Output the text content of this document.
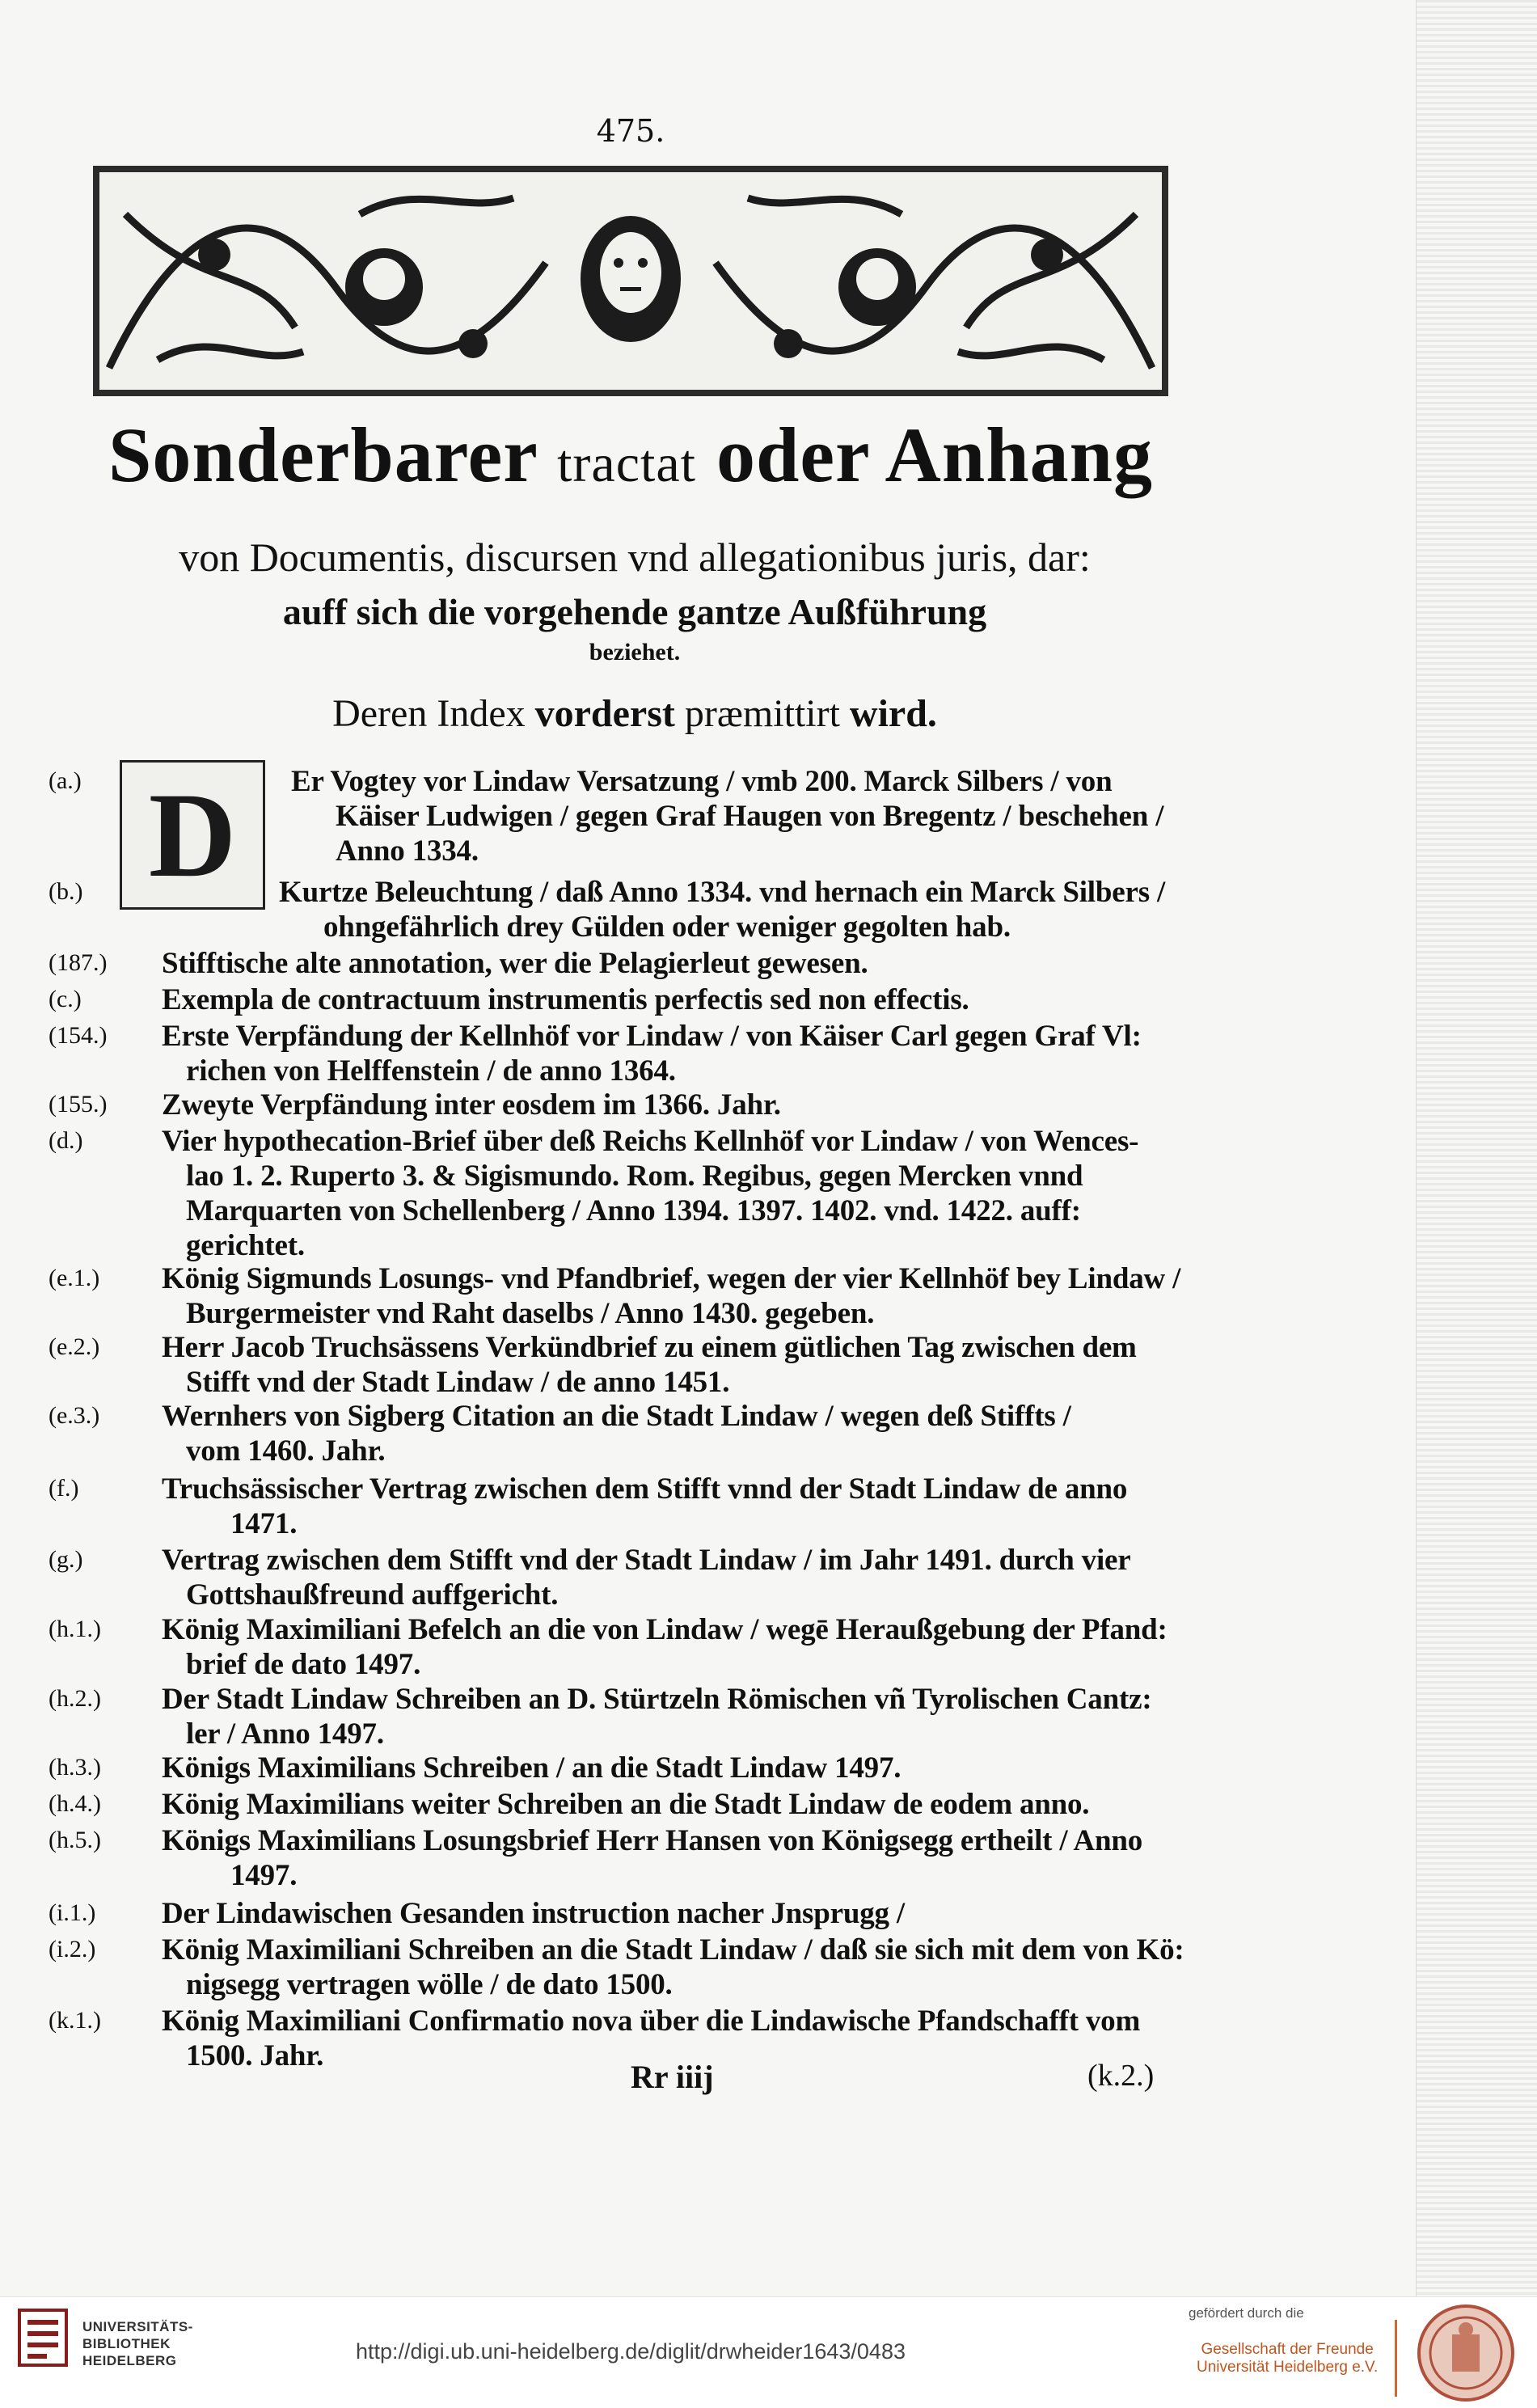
475.
Sonderbarer tractat oder Anhang
von Documentis, discursen vnd allegationibus juris, dar:
auff sich die vorgehende gantze Außführung
beziehet.
Deren Index vorderst præmittirt wird.
D
(a.)	Er Vogtey vor Lindaw Versatzung / vmb 200. Marck Silbers / von
Käiser Ludwigen / gegen Graf Haugen von Bregentz / beschehen /
Anno 1334.
(b.)	Kurtze Beleuchtung / daß Anno 1334. vnd hernach ein Marck Silbers /
ohngefährlich drey Gülden oder weniger gegolten hab.
(187.)	Stifftische alte annotation, wer die Pelagierleut gewesen.
(c.)	Exempla de contractuum instrumentis perfectis sed non effectis.
(154.)	Erste Verpfändung der Kellnhöf vor Lindaw / von Käiser Carl gegen Graf Vl:
richen von Helffenstein / de anno 1364.
(155.)	Zweyte Verpfändung inter eosdem im 1366. Jahr.
(d.)	Vier hypothecation-Brief über deß Reichs Kellnhöf vor Lindaw / von Wences-
lao 1. 2. Ruperto 3. & Sigismundo. Rom. Regibus, gegen Mercken vnnd
Marquarten von Schellenberg / Anno 1394. 1397. 1402. vnd. 1422. auff:
gerichtet.
(e.1.)	König Sigmunds Losungs- vnd Pfandbrief, wegen der vier Kellnhöf bey Lindaw /
Burgermeister vnd Raht daselbs / Anno 1430. gegeben.
(e.2.)	Herr Jacob Truchsässens Verkündbrief zu einem gütlichen Tag zwischen dem
Stifft vnd der Stadt Lindaw / de anno 1451.
(e.3.)	Wernhers von Sigberg Citation an die Stadt Lindaw / wegen deß Stiffts /
vom 1460. Jahr.
(f.)	Truchsässischer Vertrag zwischen dem Stifft vnnd der Stadt Lindaw de anno
1471.
(g.)	Vertrag zwischen dem Stifft vnd der Stadt Lindaw / im Jahr 1491. durch vier
Gottshaußfreund auffgericht.
(h.1.)	König Maximiliani Befelch an die von Lindaw / wegē Heraußgebung der Pfand:
brief de dato 1497.
(h.2.)	Der Stadt Lindaw Schreiben an D. Stürtzeln Römischen vñ Tyrolischen Cantz:
ler / Anno 1497.
(h.3.)	Königs Maximilians Schreiben / an die Stadt Lindaw 1497.
(h.4.)	König Maximilians weiter Schreiben an die Stadt Lindaw de eodem anno.
(h.5.)	Königs Maximilians Losungsbrief Herr Hansen von Königsegg ertheilt / Anno
1497.
(i.1.)	Der Lindawischen Gesanden instruction nacher Jnsprugg /
(i.2.)	König Maximiliani Schreiben an die Stadt Lindaw / daß sie sich mit dem von Kö:
nigsegg vertragen wölle / de dato 1500.
(k.1.)	König Maximiliani Confirmatio nova über die Lindawische Pfandschafft vom
1500. Jahr.
Rr iiij	(k.2.)
UNIVERSITÄTS-
BIBLIOTHEK
HEIDELBERG	http://digi.ub.uni-heidelberg.de/diglit/drwheider1643/0483
gefördert durch die
Gesellschaft der Freunde
Universität Heidelberg e.V.
